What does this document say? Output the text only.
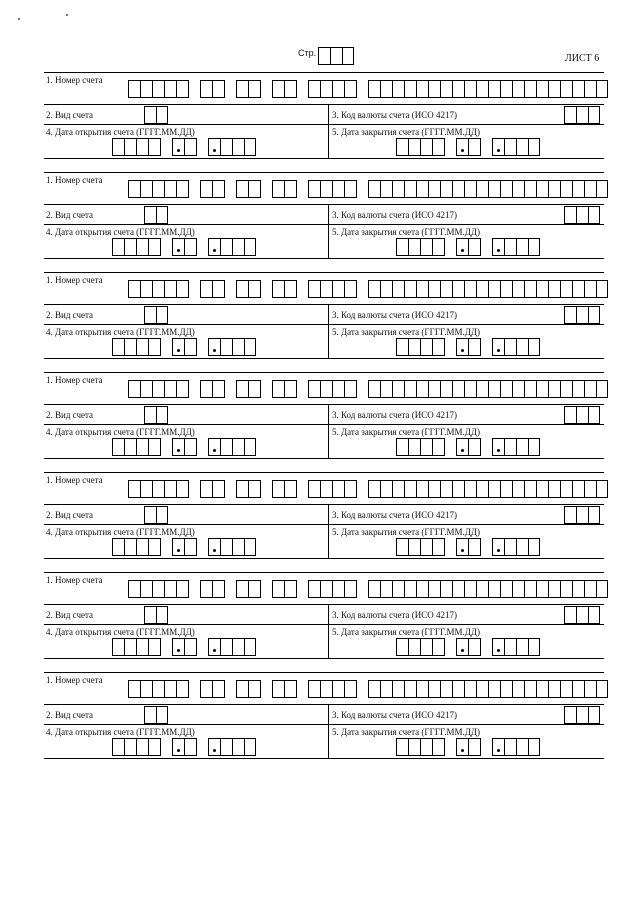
Стр.	ЛИСТ 6
1. Номер счета
2. Вид счета	3. Код валюты счета (ИСО 4217)
4. Дата открытия счета (ГГГГ.ММ.ДД)	5. Дата закрытия счета (ГГГГ.ММ.ДД)
1. Номер счета
2. Вид счета	3. Код валюты счета (ИСО 4217)
4. Дата открытия счета (ГГГГ.ММ.ДД)	5. Дата закрытия счета (ГГГГ.ММ.ДД)
1. Номер счета
2. Вид счета	3. Код валюты счета (ИСО 4217)
4. Дата открытия счета (ГГГГ.ММ.ДД)	5. Дата закрытия счета (ГГГГ.ММ.ДД)
1. Номер счета
2. Вид счета	3. Код валюты счета (ИСО 4217)
4. Дата открытия счета (ГГГГ.ММ.ДД)	5. Дата закрытия счета (ГГГГ.ММ.ДД)
1. Номер счета
2. Вид счета	3. Код валюты счета (ИСО 4217)
4. Дата открытия счета (ГГГГ.ММ.ДД)	5. Дата закрытия счета (ГГГГ.ММ.ДД)
1. Номер счета
2. Вид счета	3. Код валюты счета (ИСО 4217)
4. Дата открытия счета (ГГГГ.ММ.ДД)	5. Дата закрытия счета (ГГГГ.ММ.ДД)
1. Номер счета
2. Вид счета	3. Код валюты счета (ИСО 4217)
4. Дата открытия счета (ГГГГ.ММ.ДД)	5. Дата закрытия счета (ГГГГ.ММ.ДД)
